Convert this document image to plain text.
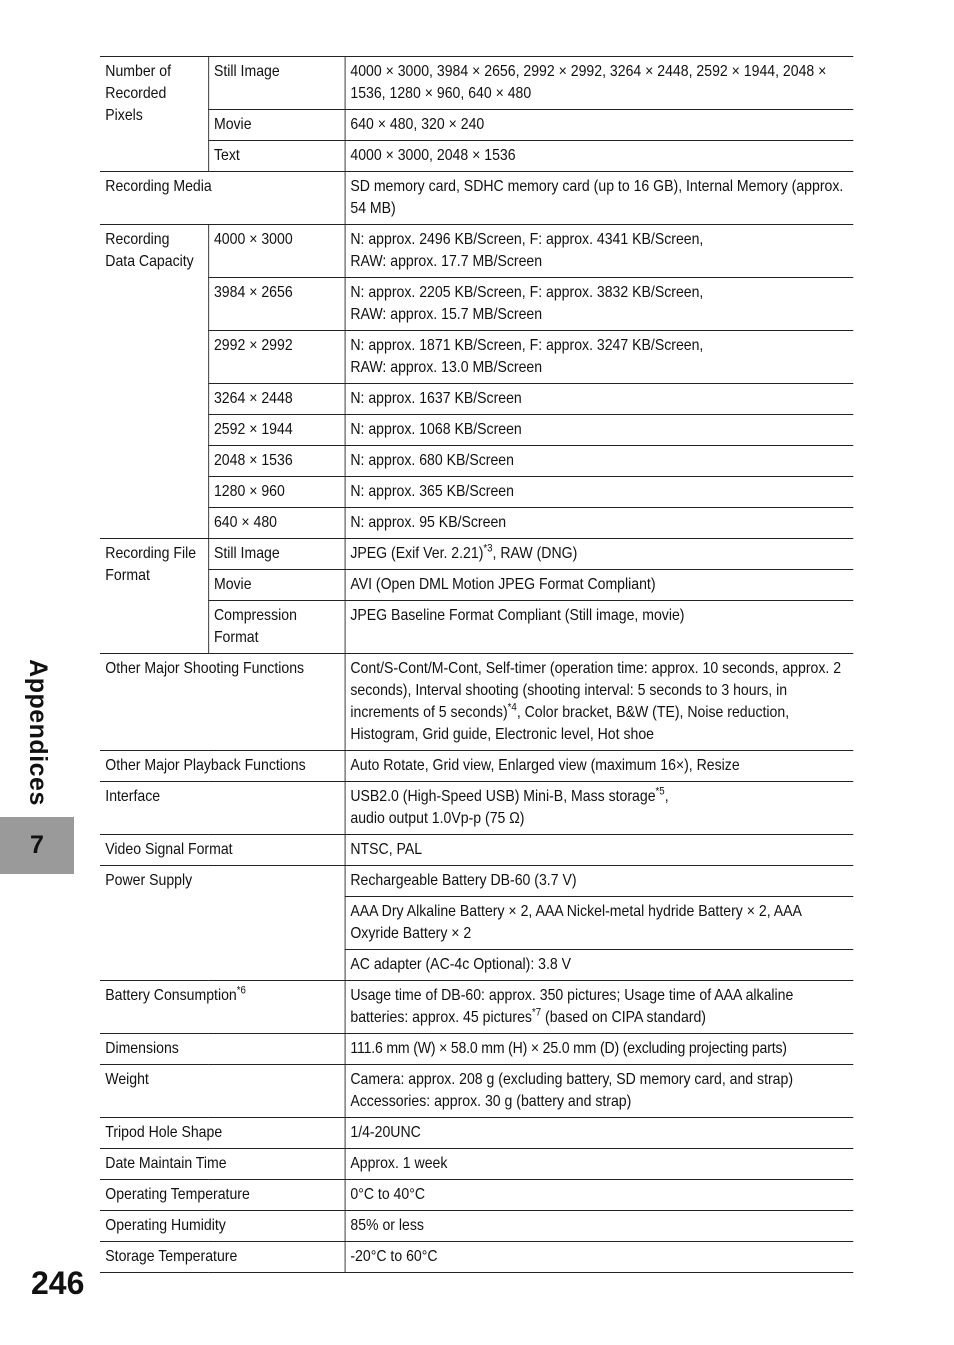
Number of Recorded Pixels	Still Image	4000 × 3000, 3984 × 2656, 2992 × 2992, 3264 × 2448, 2592 × 1944, 2048 × 1536, 1280 × 960, 640 × 480
	Movie	640 × 480, 320 × 240
	Text	4000 × 3000, 2048 × 1536
Recording Media		SD memory card, SDHC memory card (up to 16 GB), Internal Memory (approx. 54 MB)
Recording Data Capacity	4000 × 3000	N: approx. 2496 KB/Screen, F: approx. 4341 KB/Screen,
RAW: approx. 17.7 MB/Screen
	3984 × 2656	N: approx. 2205 KB/Screen, F: approx. 3832 KB/Screen,
RAW: approx. 15.7 MB/Screen
	2992 × 2992	N: approx. 1871 KB/Screen, F: approx. 3247 KB/Screen,
RAW: approx. 13.0 MB/Screen
	3264 × 2448	N: approx. 1637 KB/Screen
	2592 × 1944	N: approx. 1068 KB/Screen
	2048 × 1536	N: approx. 680 KB/Screen
	1280 × 960	N: approx. 365 KB/Screen
	640 × 480	N: approx. 95 KB/Screen
Recording File Format	Still Image	JPEG (Exif Ver. 2.21)$^{*3}$, RAW (DNG)
	Movie	AVI (Open DML Motion JPEG Format Compliant)
	Compression Format	JPEG Baseline Format Compliant (Still image, movie)
Other Major Shooting Functions		Cont/S-Cont/M-Cont, Self-timer (operation time: approx. 10 seconds, approx. 2 seconds), Interval shooting (shooting interval: 5 seconds to 3 hours, in increments of 5 seconds)$^{*4}$, Color bracket, B&W (TE), Noise reduction, Histogram, Grid guide, Electronic level, Hot shoe
Other Major Playback Functions		Auto Rotate, Grid view, Enlarged view (maximum 16×), Resize
Interface		USB2.0 (High-Speed USB) Mini-B, Mass storage$^{*5}$,
audio output 1.0Vp-p (75 Ω)
Video Signal Format		NTSC, PAL
Power Supply		Rechargeable Battery DB-60 (3.7 V)
		AAA Dry Alkaline Battery × 2, AAA Nickel-metal hydride Battery × 2, AAA Oxyride Battery × 2
		AC adapter (AC-4c Optional): 3.8 V
Battery Consumption$^{*6}$		Usage time of DB-60: approx. 350 pictures; Usage time of AAA alkaline batteries: approx. 45 pictures$^{*7}$ (based on CIPA standard)
Dimensions		111.6 mm (W) × 58.0 mm (H) × 25.0 mm (D) (excluding projecting parts)
Weight		Camera: approx. 208 g (excluding battery, SD memory card, and strap)
Accessories: approx. 30 g (battery and strap)
Tripod Hole Shape		1/4-20UNC
Date Maintain Time		Approx. 1 week
Operating Temperature		0°C to 40°C
Operating Humidity		85% or less
Storage Temperature		-20°C to 60°C
Appendices
7
246
